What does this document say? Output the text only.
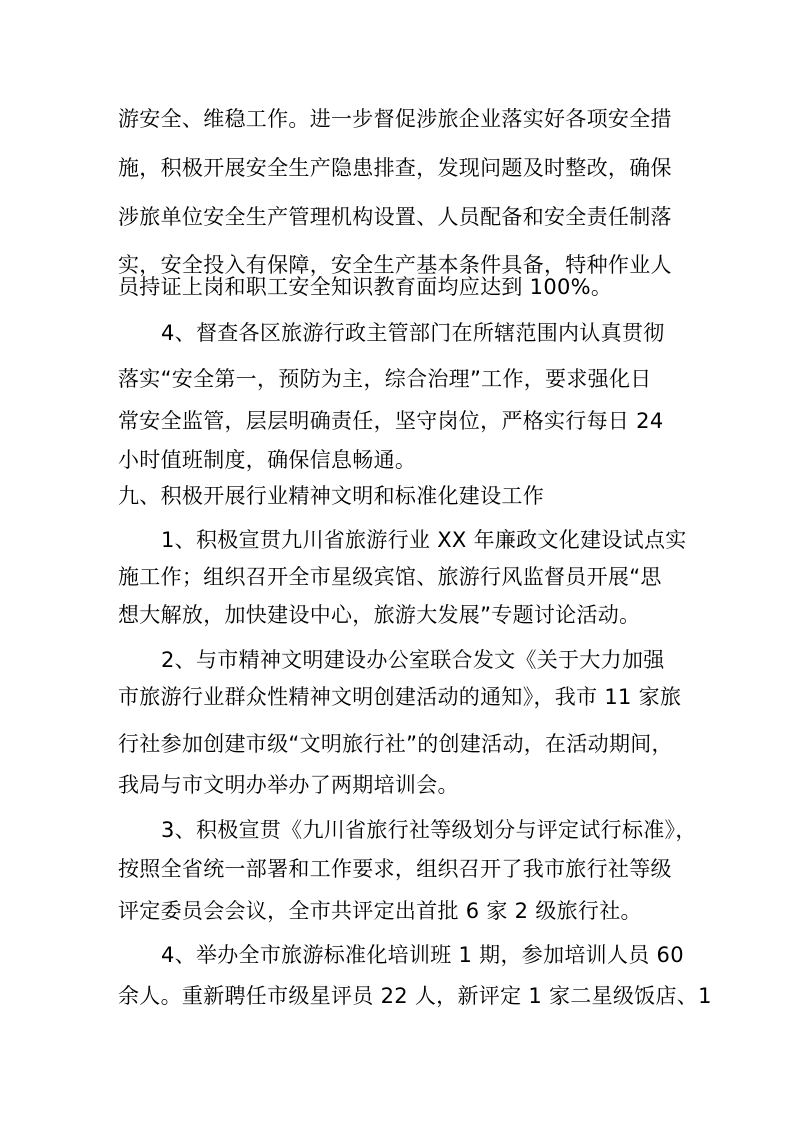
游安全、维稳工作。进一步督促涉旅企业落实好各项安全措
施，积极开展安全生产隐患排查，发现问题及时整改，确保
涉旅单位安全生产管理机构设置、人员配备和安全责任制落
实，安全投入有保障，安全生产基本条件具备，特种作业人
员持证上岗和职工安全知识教育面均应达到 100%。
4、督查各区旅游行政主管部门在所辖范围内认真贯彻
落实“安全第一，预防为主，综合治理”工作，要求强化日
常安全监管，层层明确责任，坚守岗位，严格实行每日 24
小时值班制度，确保信息畅通。
九、积极开展行业精神文明和标准化建设工作
1、积极宣贯九川省旅游行业 XX 年廉政文化建设试点实
施工作；组织召开全市星级宾馆、旅游行风监督员开展“思
想大解放，加快建设中心，旅游大发展”专题讨论活动。
2、与市精神文明建设办公室联合发文《关于大力加强
市旅游行业群众性精神文明创建活动的通知》，我市 11 家旅
行社参加创建市级“文明旅行社”的创建活动，在活动期间，
我局与市文明办举办了两期培训会。
3、积极宣贯《九川省旅行社等级划分与评定试行标准》，
按照全省统一部署和工作要求，组织召开了我市旅行社等级
评定委员会会议，全市共评定出首批 6 家 2 级旅行社。
4、举办全市旅游标准化培训班 1 期，参加培训人员 60
余人。重新聘任市级星评员 22 人，新评定 1 家二星级饭店、1
